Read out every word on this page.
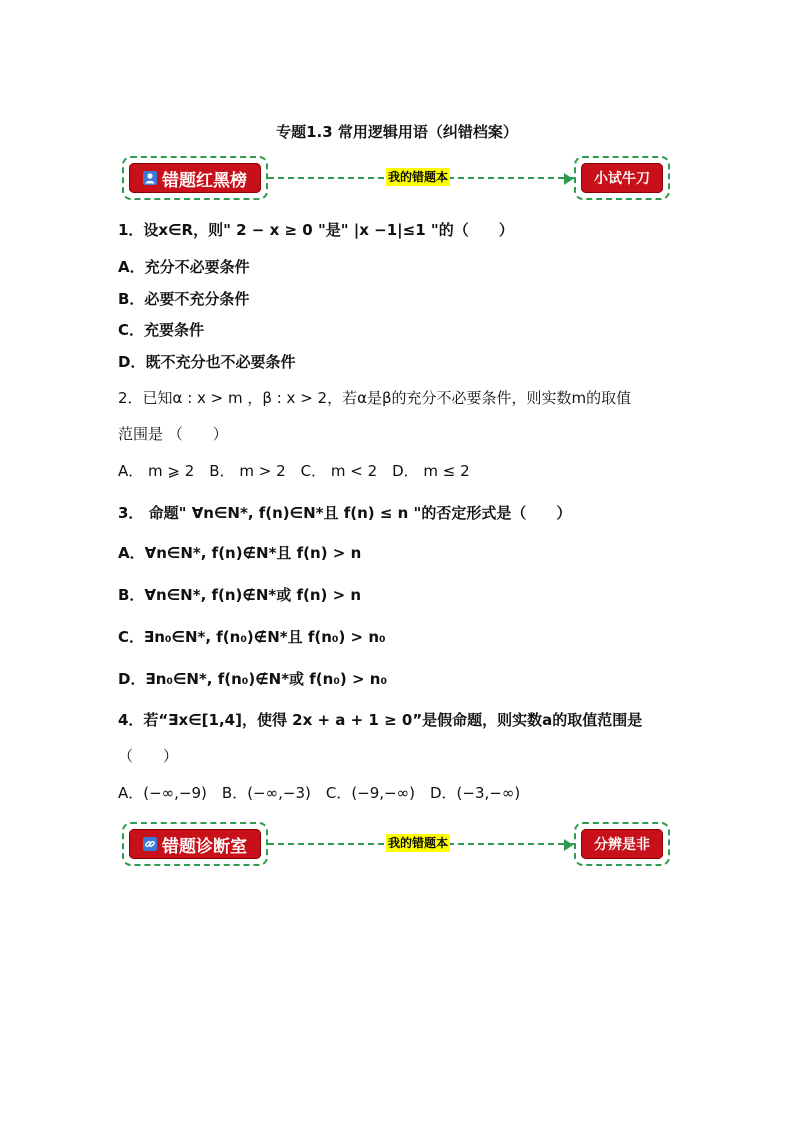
专题1.3 常用逻辑用语（纠错档案）
错题红黑榜	我的错题本	小试牛刀
1．设x∈R，则" 2 − x ≥ 0 "是" |x −1|≤1 "的（　　）
A．充分不必要条件
B．必要不充分条件
C．充要条件
D．既不充分也不必要条件
2．已知α : x > m ，β : x > 2，若α是β的充分不必要条件，则实数m的取值
范围是 （　　）
A． m ⩾ 2　B． m > 2　C． m < 2　D． m ≤ 2
3． 命题" ∀n∈N*, f(n)∈N*且 f(n) ≤ n "的否定形式是（　　）
A．∀n∈N*, f(n)∉N*且 f(n) > n
B．∀n∈N*, f(n)∉N*或 f(n) > n
C．∃n₀∈N*, f(n₀)∉N*且 f(n₀) > n₀
D．∃n₀∈N*, f(n₀)∉N*或 f(n₀) > n₀
4．若“∃x∈[1,4]，使得 2x + a + 1 ≥ 0”是假命题，则实数a的取值范围是
（　　）
A．(−∞,−9)　B．(−∞,−3)　C．(−9,−∞)　D．(−3,−∞)
错题诊断室	我的错题本	分辨是非
